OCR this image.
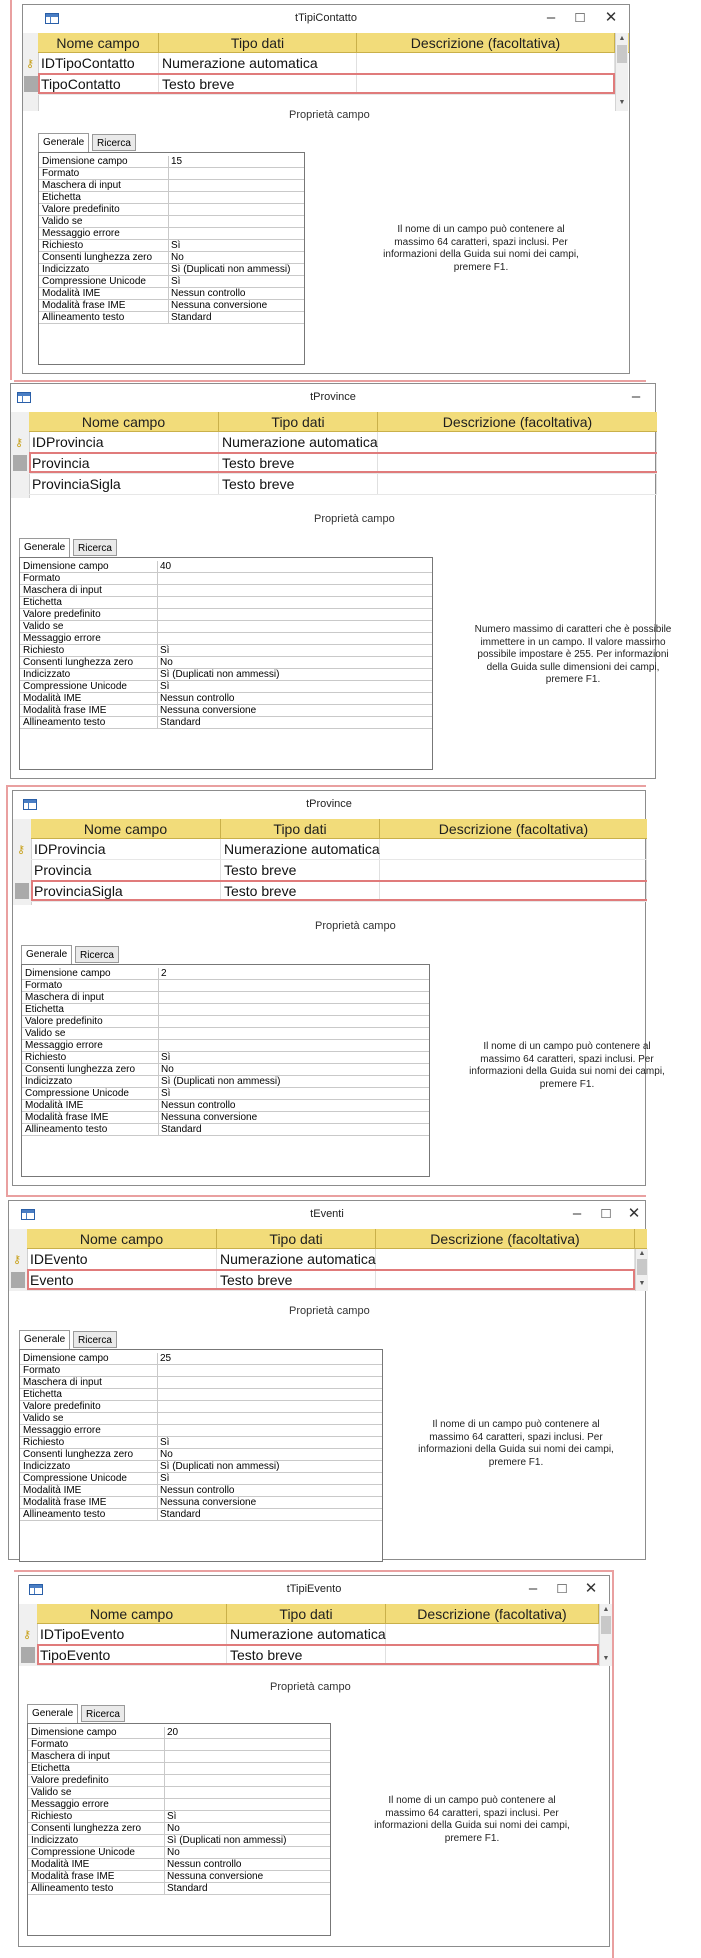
tTipiContatto	–	□	✕
Nome campo	Tipo dati	Descrizione (facoltativa)
IDTipoContatto	Numerazione automatica
⚷
TipoContatto	Testo breve
▲
▼
Proprietà campo
Generale	Ricerca
Dimensione campo	15
Formato
Maschera di input
Etichetta
Valore predefinito
Valido se
Messaggio errore
Richiesto	Sì
Consenti lunghezza zero No
Indicizzato	Sì (Duplicati non ammessi)
Compressione Unicode	Sì
Modalità IME	Nessun controllo
Modalità frase IME	Nessuna conversione
Allineamento testo	Standard
Il nome di un campo può contenere al
massimo 64 caratteri, spazi inclusi. Per
informazioni della Guida sui nomi dei campi,
premere F1.
tProvince	–
Nome campo	Tipo dati	Descrizione (facoltativa)
IDProvincia	Numerazione automatica
⚷
Provincia	Testo breve
ProvinciaSigla	Testo breve
Proprietà campo
Generale	Ricerca
Dimensione campo	40
Formato
Maschera di input
Etichetta
Valore predefinito
Valido se
Messaggio errore
Richiesto	Sì
Consenti lunghezza zero	No
Indicizzato	Sì (Duplicati non ammessi)
Compressione Unicode	Sì
Modalità IME	Nessun controllo
Modalità frase IME	Nessuna conversione
Allineamento testo	Standard
Numero massimo di caratteri che è possibile
immettere in un campo. Il valore massimo
possibile impostare è 255. Per informazioni
della Guida sulle dimensioni dei campi,
premere F1.
tProvince
Nome campo	Tipo dati	Descrizione (facoltativa)
IDProvincia	Numerazione automatica
⚷
Provincia	Testo breve
ProvinciaSigla	Testo breve
Proprietà campo
Generale	Ricerca
Dimensione campo	2
Formato
Maschera di input
Etichetta
Valore predefinito
Valido se
Messaggio errore
Richiesto	Sì
Consenti lunghezza zero	No
Indicizzato	Sì (Duplicati non ammessi)
Compressione Unicode	Sì
Modalità IME	Nessun controllo
Modalità frase IME	Nessuna conversione
Allineamento testo	Standard
Il nome di un campo può contenere al
massimo 64 caratteri, spazi inclusi. Per
informazioni della Guida sui nomi dei campi,
premere F1.
tEventi	–	□	✕
Nome campo	Tipo dati	Descrizione (facoltativa)
IDEvento	Numerazione automatica
⚷
Evento	Testo breve
▲
▼
Proprietà campo
Generale	Ricerca
Dimensione campo	25
Formato
Maschera di input
Etichetta
Valore predefinito
Valido se
Messaggio errore
Richiesto	Sì
Consenti lunghezza zero	No
Indicizzato	Sì (Duplicati non ammessi)
Compressione Unicode	Sì
Modalità IME	Nessun controllo
Modalità frase IME	Nessuna conversione
Allineamento testo	Standard
Il nome di un campo può contenere al
massimo 64 caratteri, spazi inclusi. Per
informazioni della Guida sui nomi dei campi,
premere F1.
tTipiEvento	–	□	✕
Nome campo	Tipo dati	Descrizione (facoltativa)
IDTipoEvento	Numerazione automatica
⚷
TipoEvento	Testo breve
▲
▼
Proprietà campo
Generale	Ricerca
Dimensione campo	20
Formato
Maschera di input
Etichetta
Valore predefinito
Valido se
Messaggio errore
Richiesto	Sì
Consenti lunghezza zero	No
Indicizzato	Sì (Duplicati non ammessi)
Compressione Unicode	No
Modalità IME	Nessun controllo
Modalità frase IME	Nessuna conversione
Allineamento testo	Standard
Il nome di un campo può contenere al
massimo 64 caratteri, spazi inclusi. Per
informazioni della Guida sui nomi dei campi,
premere F1.
